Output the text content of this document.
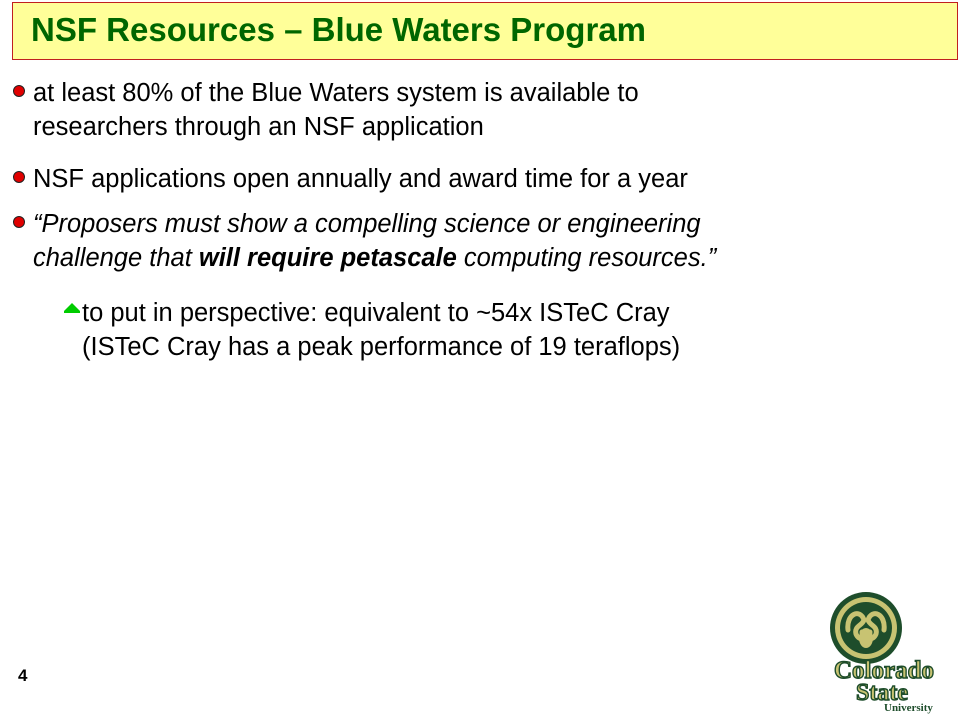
NSF Resources – Blue Waters Program
at least 80% of the Blue Waters system is available to
researchers through an NSF application
NSF applications open annually and award time for a year
“Proposers must show a compelling science or engineering
challenge that will require petascale computing resources.”
to put in perspective: equivalent to ~54x ISTeC Cray
(ISTeC Cray has a peak performance of 19 teraflops)
4	Colorado
State
University
